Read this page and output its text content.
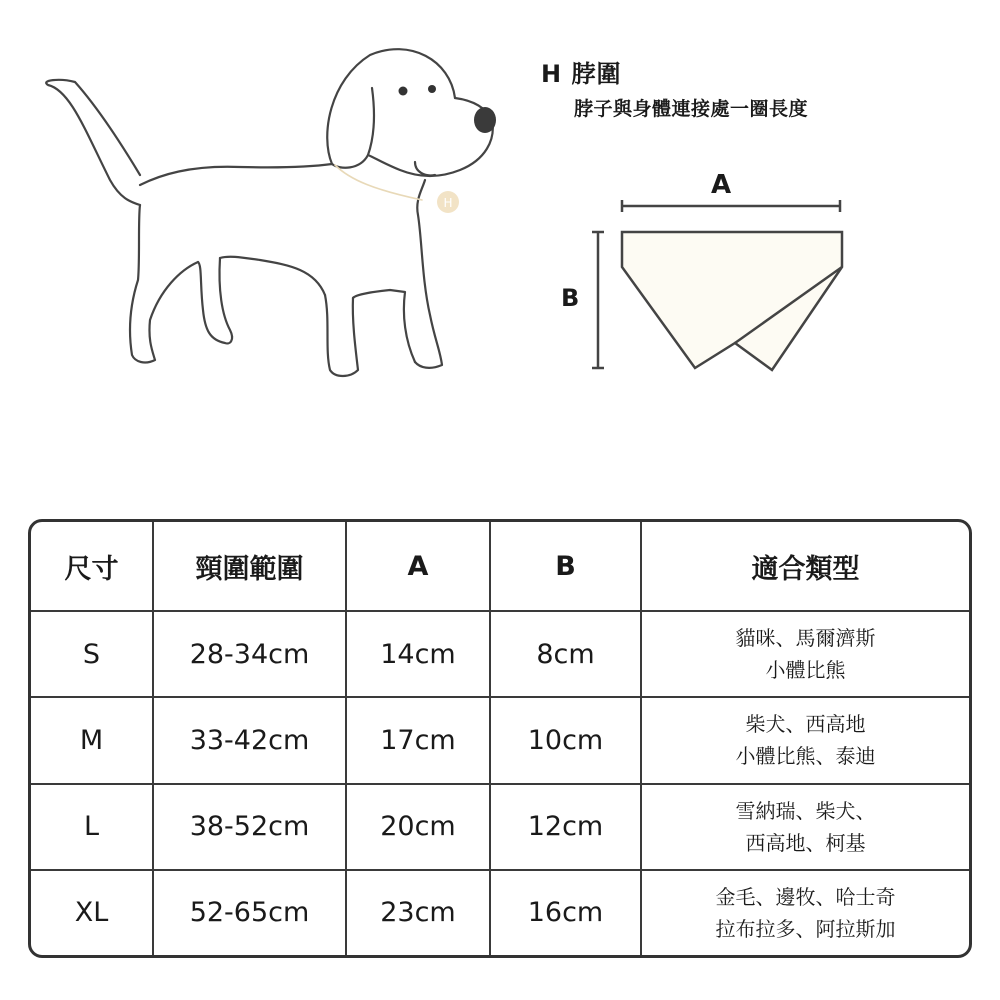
H
H 脖圍
脖子與身體連接處一圈長度
A
B
尺寸	頸圍範圍	A	B	適合類型
S	28-34cm	14cm	8cm	貓咪、馬爾濟斯
小體比熊

M	33-42cm	17cm	10cm	柴犬、西高地
小體比熊、泰迪

L	38-52cm	20cm	12cm	雪納瑞、柴犬、
西高地、柯基

XL	52-65cm	23cm	16cm	金毛、邊牧、哈士奇
拉布拉多、阿拉斯加
